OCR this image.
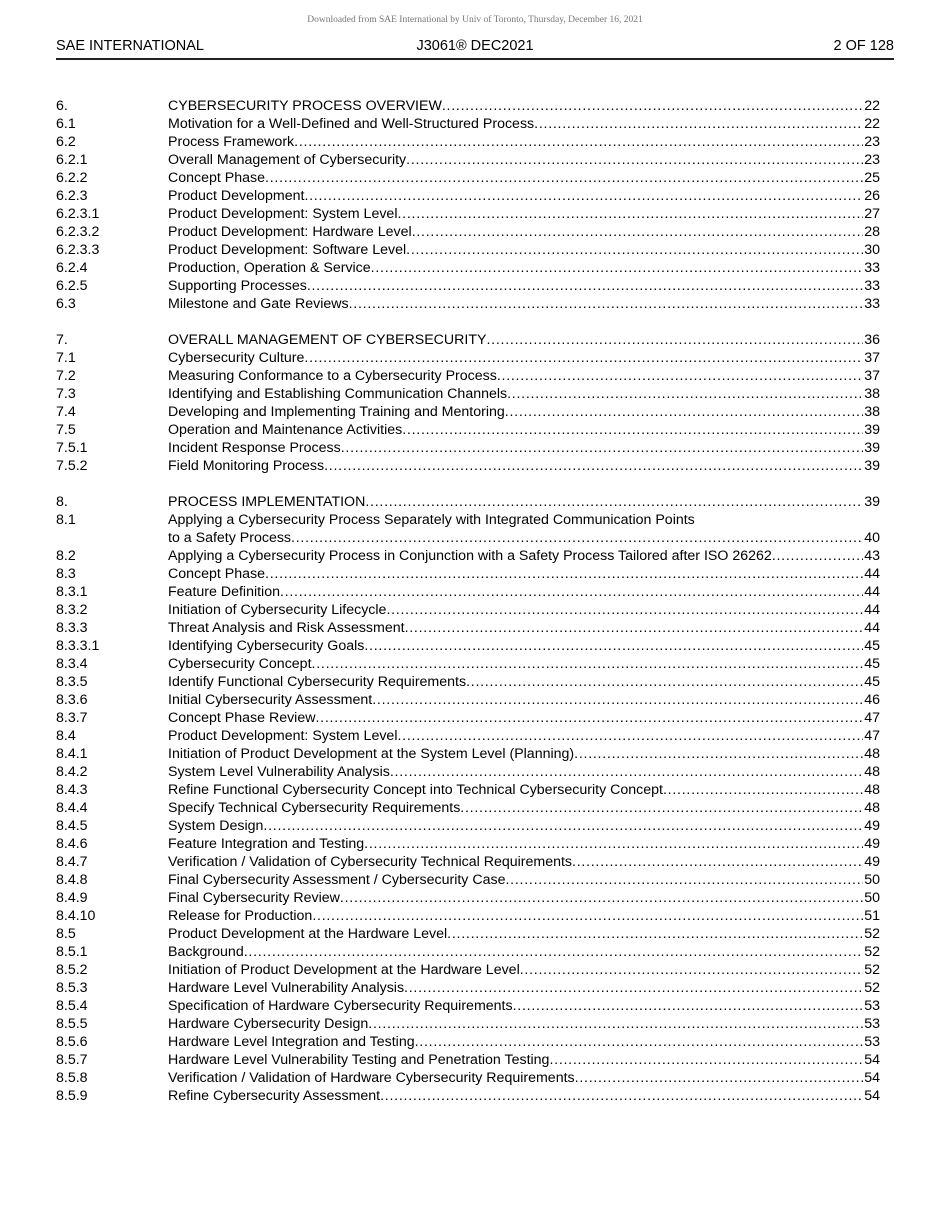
Downloaded from SAE International by Univ of Toronto, Thursday, December 16, 2021
SAE INTERNATIONAL	J3061® DEC2021	2 OF 128
6.	CYBERSECURITY PROCESS OVERVIEW . . .	22
6.1	Motivation for a Well-Defined and Well-Structured Process . . .	22
6.2	Process Framework . . .	23
6.2.1	Overall Management of Cybersecurity . . .	23
6.2.2	Concept Phase . . .	25
6.2.3	Product Development . . .	26
6.2.3.1	Product Development: System Level . . .	27
6.2.3.2	Product Development: Hardware Level . . .	28
6.2.3.3	Product Development: Software Level . . .	30
6.2.4	Production, Operation & Service . . .	33
6.2.5	Supporting Processes . . .	33
6.3	Milestone and Gate Reviews . . .	33
7.	OVERALL MANAGEMENT OF CYBERSECURITY . . .	36
7.1	Cybersecurity Culture . . .	37
7.2	Measuring Conformance to a Cybersecurity Process . . .	37
7.3	Identifying and Establishing Communication Channels . . .	38
7.4	Developing and Implementing Training and Mentoring . . .	38
7.5	Operation and Maintenance Activities . . .	39
7.5.1	Incident Response Process . . .	39
7.5.2	Field Monitoring Process . . .	39
8.	PROCESS IMPLEMENTATION . . .	39
8.1	Applying a Cybersecurity Process Separately with Integrated Communication Points
to a Safety Process . . .	40
8.2	Applying a Cybersecurity Process in Conjunction with a Safety Process Tailored after ISO 26262 . . .	43
8.3	Concept Phase . . .	44
8.3.1	Feature Definition . . .	44
8.3.2	Initiation of Cybersecurity Lifecycle . . .	44
8.3.3	Threat Analysis and Risk Assessment . . .	44
8.3.3.1	Identifying Cybersecurity Goals . . .	45
8.3.4	Cybersecurity Concept . . .	45
8.3.5	Identify Functional Cybersecurity Requirements . . .	45
8.3.6	Initial Cybersecurity Assessment . . .	46
8.3.7	Concept Phase Review . . .	47
8.4	Product Development: System Level . . .	47
8.4.1	Initiation of Product Development at the System Level (Planning) . . .	48
8.4.2	System Level Vulnerability Analysis . . .	48
8.4.3	Refine Functional Cybersecurity Concept into Technical Cybersecurity Concept . . .	48
8.4.4	Specify Technical Cybersecurity Requirements . . .	48
8.4.5	System Design . . .	49
8.4.6	Feature Integration and Testing . . .	49
8.4.7	Verification / Validation of Cybersecurity Technical Requirements . . .	49
8.4.8	Final Cybersecurity Assessment / Cybersecurity Case . . .	50
8.4.9	Final Cybersecurity Review . . .	50
8.4.10	Release for Production . . .	51
8.5	Product Development at the Hardware Level . . .	52
8.5.1	Background . . .	52
8.5.2	Initiation of Product Development at the Hardware Level . . .	52
8.5.3	Hardware Level Vulnerability Analysis . . .	52
8.5.4	Specification of Hardware Cybersecurity Requirements . . .	53
8.5.5	Hardware Cybersecurity Design . . .	53
8.5.6	Hardware Level Integration and Testing . . .	53
8.5.7	Hardware Level Vulnerability Testing and Penetration Testing . . .	54
8.5.8	Verification / Validation of Hardware Cybersecurity Requirements . . .	54
8.5.9	Refine Cybersecurity Assessment . . .	54
